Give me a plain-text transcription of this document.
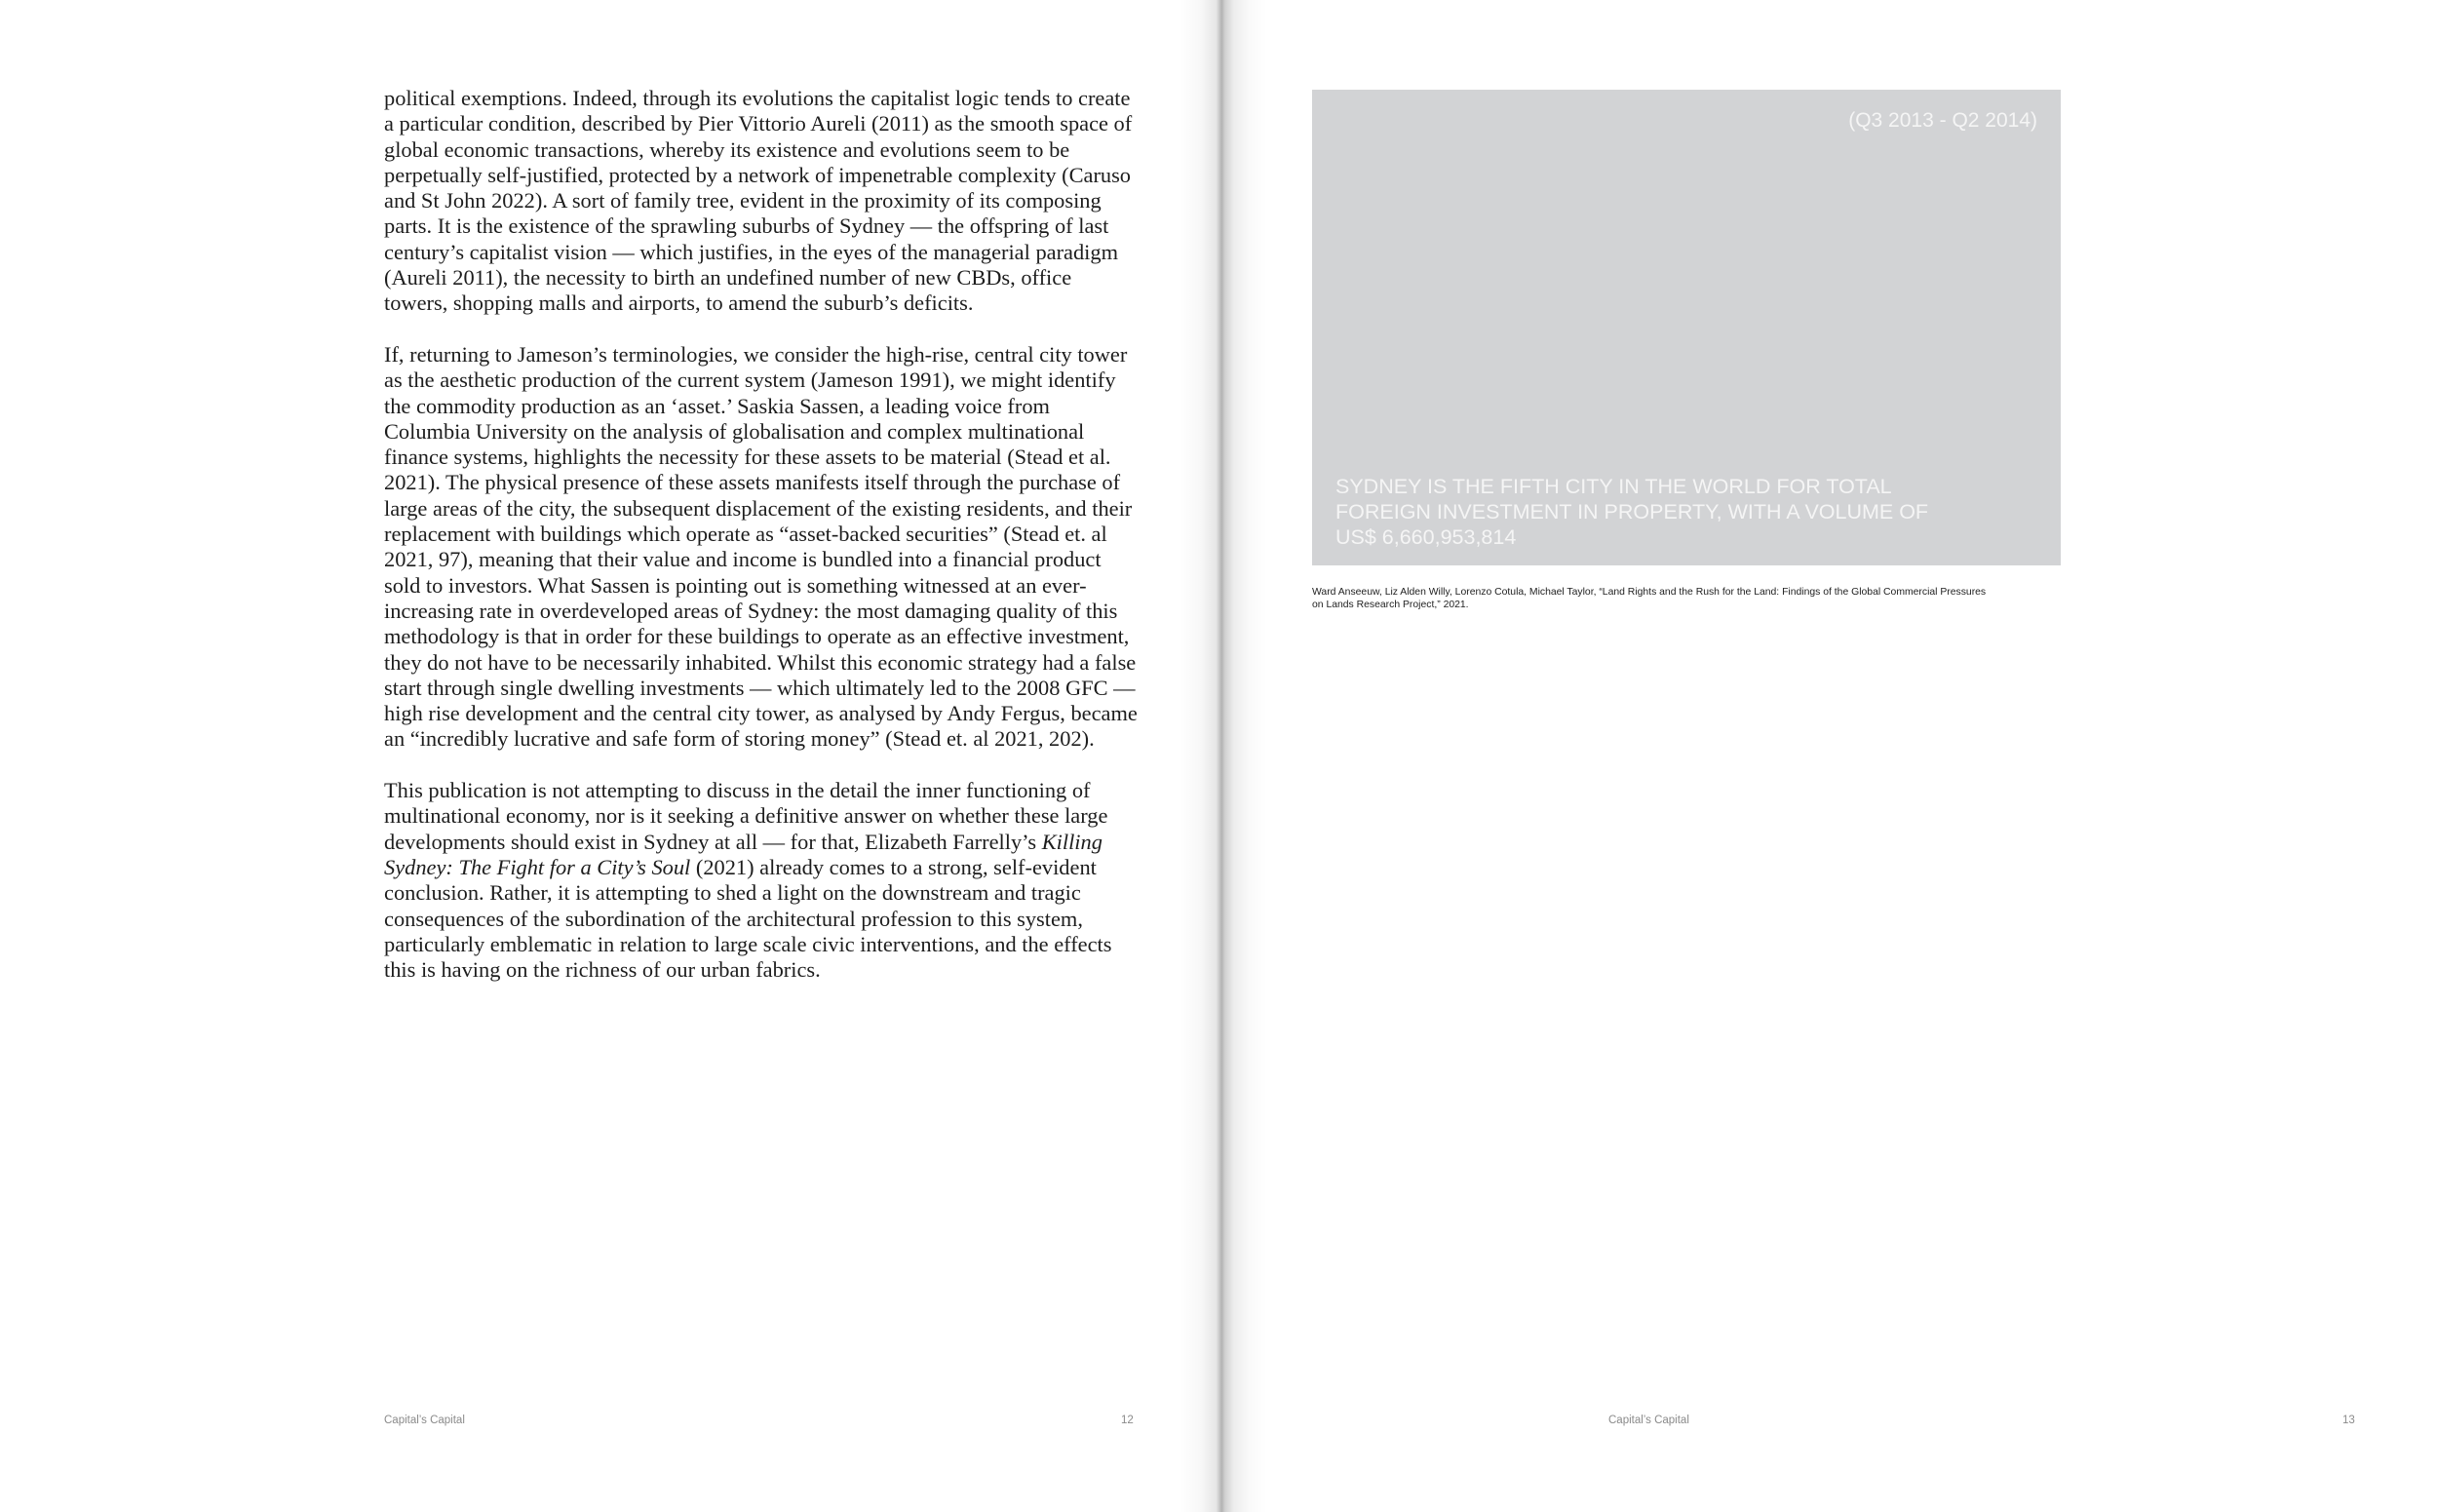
political exemptions. Indeed, through its evolutions the capitalist logic tends to create a particular condition, described by Pier Vittorio Aureli (2011) as the smooth space of global economic transactions, whereby its existence and evolutions seem to be perpetually self-justified, protected by a network of impenetrable complexity (Caruso and St John 2022). A sort of family tree, evident in the proximity of its composing parts. It is the existence of the sprawling suburbs of Sydney — the offspring of last century’s capitalist vision — which justifies, in the eyes of the managerial paradigm (Aureli 2011), the necessity to birth an undefined number of new CBDs, office towers, shopping malls and airports, to amend the suburb’s deficits.

If, returning to Jameson’s terminologies, we consider the high-rise, central city tower as the aesthetic production of the current system (Jameson 1991), we might identify the commodity production as an ‘asset.’ Saskia Sassen, a leading voice from Columbia University on the analysis of globalisation and complex multinational finance systems, highlights the necessity for these assets to be material (Stead et al. 2021). The physical presence of these assets manifests itself through the purchase of large areas of the city, the subsequent displacement of the existing residents, and their replacement with buildings which operate as “asset-backed securities” (Stead et. al 2021, 97), meaning that their value and income is bundled into a financial product sold to investors. What Sassen is pointing out is something witnessed at an ever-increasing rate in overdeveloped areas of Sydney: the most damaging quality of this methodology is that in order for these buildings to operate as an effective investment, they do not have to be necessarily inhabited. Whilst this economic strategy had a false start through single dwelling investments — which ultimately led to the 2008 GFC — high rise development and the central city tower, as analysed by Andy Fergus, became an “incredibly lucrative and safe form of storing money” (Stead et. al 2021, 202).

This publication is not attempting to discuss in the detail the inner functioning of multinational economy, nor is it seeking a definitive answer on whether these large developments should exist in Sydney at all — for that, Elizabeth Farrelly’s Killing Sydney: The Fight for a City’s Soul (2021) already comes to a strong, self-evident conclusion. Rather, it is attempting to shed a light on the downstream and tragic consequences of the subordination of the architectural profession to this system, particularly emblematic in relation to large scale civic interventions, and the effects this is having on the richness of our urban fabrics.

Capital’s Capital	12
(Q3 2013 - Q2 2014)
SYDNEY IS THE FIFTH CITY IN THE WORLD FOR TOTAL
FOREIGN INVESTMENT IN PROPERTY, WITH A VOLUME OF
US$ 6,660,953,814
Ward Anseeuw, Liz Alden Willy, Lorenzo Cotula, Michael Taylor, “Land Rights and the Rush for the Land: Findings of the Global Commercial Pressures
on Lands Research Project,” 2021.
Capital’s Capital	13
